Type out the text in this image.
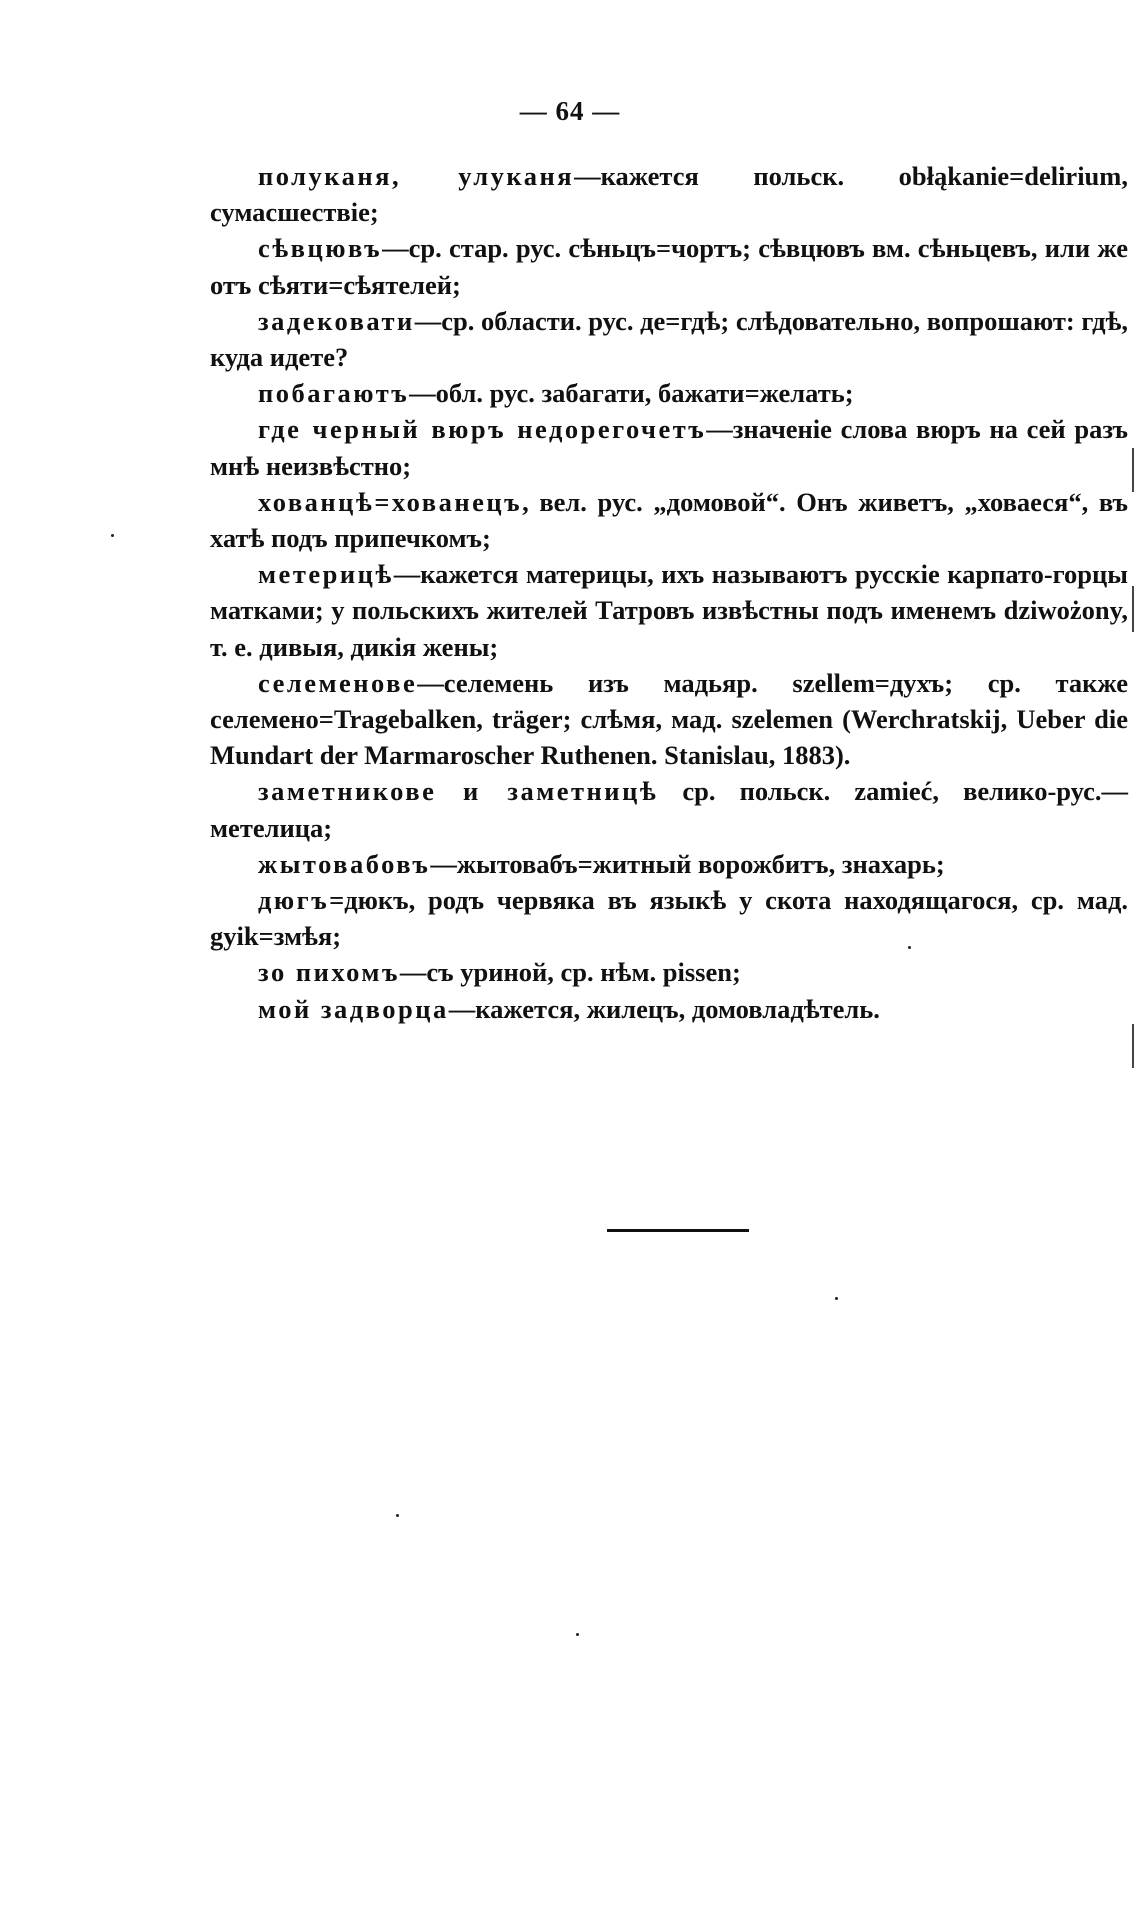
— 64 —

полуканя, улуканя—кажется польск. obłąkanie=delirium, сумасшествіе;

сѣвцювъ—ср. стар. рус. сѣньцъ=чортъ; сѣвцювъ вм. сѣньцевъ, или же отъ сѣяти=сѣятелей;

задековати—ср. области. рус. де=гдѣ; слѣдовательно, вопрошают: гдѣ, куда идете?

побагаютъ—обл. рус. забагати, бажати=желать;

где черный вюръ недорегочетъ—значеніе слова вюръ на сей разъ мнѣ неизвѣстно;

хованцѣ=хованецъ, вел. рус. „домовой“. Онъ живетъ, „ховаеся“, въ хатѣ подъ припечкомъ;

метерицѣ—кажется материцы, ихъ называютъ русскіе карпато-горцы матками; у польскихъ жителей Татровъ извѣстны подъ именемъ dziwożony, т. е. дивыя, дикія жены;

селеменове—селемень изъ мадьяр. szellem=духъ; ср. также селемено=Tragebalken, träger; слѣмя, мад. szelemen (Werchratskij, Ueber die Mundart der Marmaroscher Ruthenen. Stanislau, 1883).

заметникове и заметницѣ ср. польск. zamieć, велико-рус.—метелица;

жытовабовъ—жытовабъ=житный ворожбитъ, знахарь;

дюгъ=дюкъ, родъ червяка въ языкѣ у скота находящагося, ср. мад. gyik=змѣя;

зо пихомъ—съ уриной, ср. нѣм. pissen;

мой задворца—кажется, жилецъ, домовладѣтель.
